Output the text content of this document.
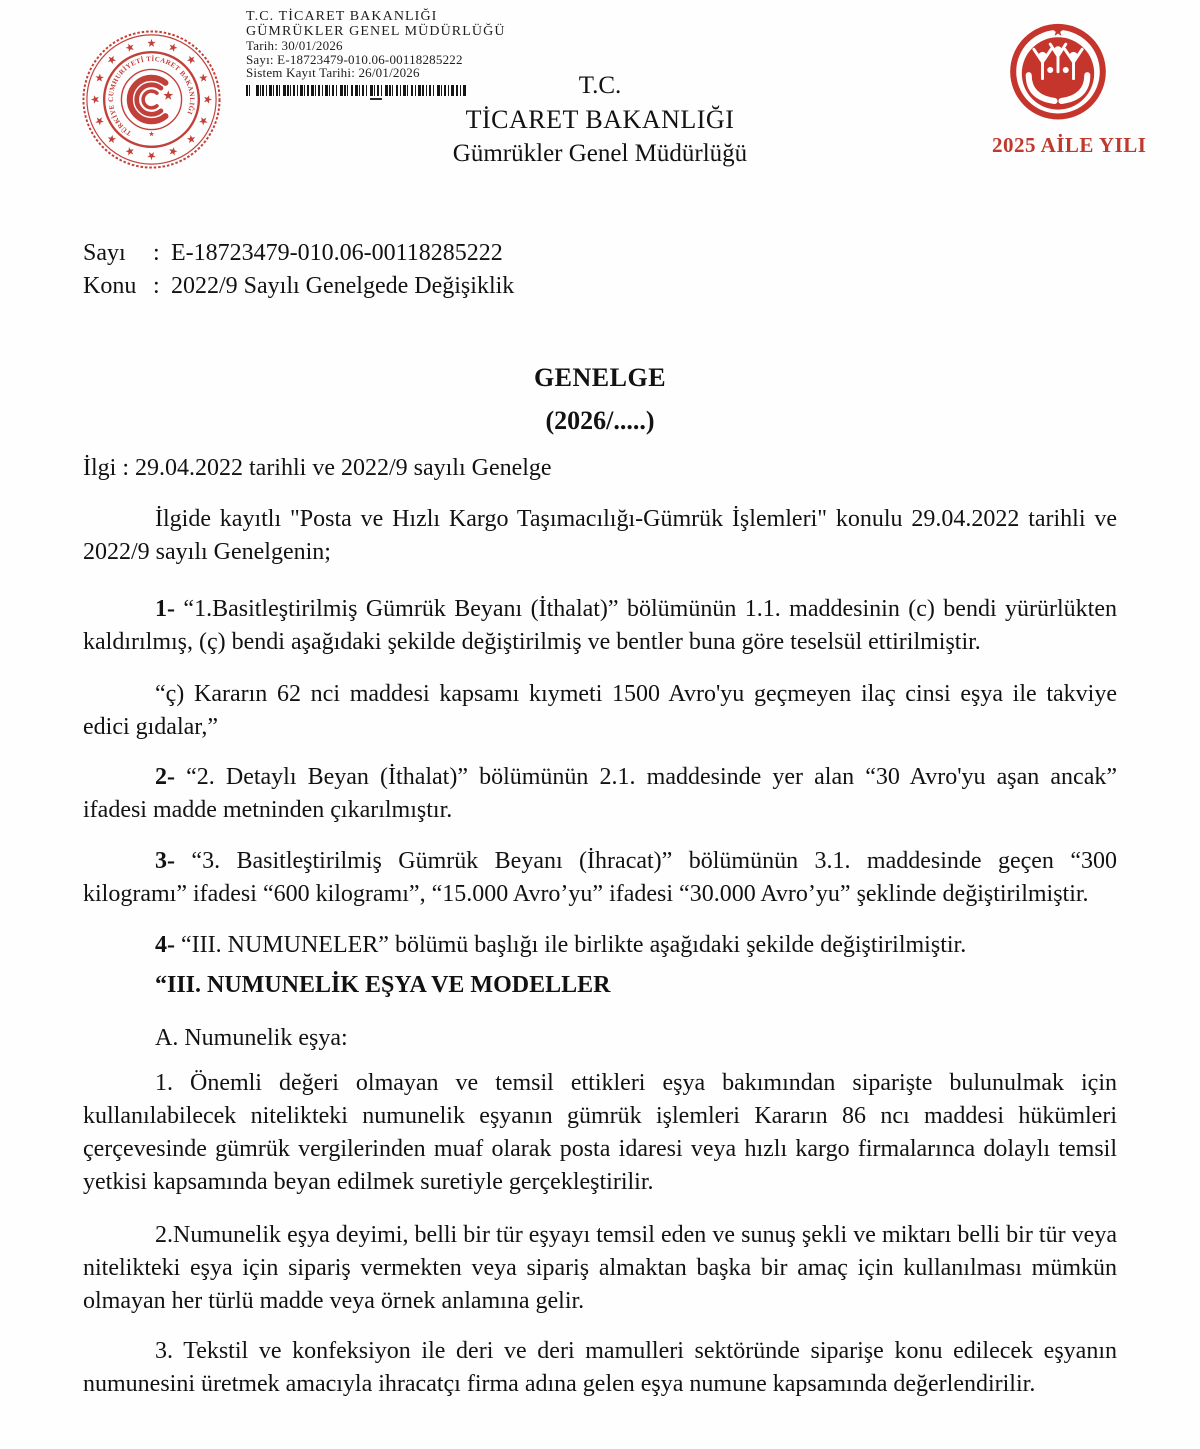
TÜRKİYE CUMHURİYETİ TİCARET BAKANLIĞI
T.C. TİCARET BAKANLIĞI
GÜMRÜKLER GENEL MÜDÜRLÜĞÜ
Tarih: 30/01/2026
Sayı: E-18723479-010.06-00118285222
Sistem Kayıt Tarihi: 26/01/2026	T.C.
TİCARET BAKANLIĞI
Gümrükler Genel Müdürlüğü	2025 AİLE YILI
Sayı	: E-18723479-010.06-00118285222
Konu : 2022/9 Sayılı Genelgede Değişiklik
GENELGE
(2026/.....)
İlgi : 29.04.2022 tarihli ve 2022/9 sayılı Genelge

İlgide kayıtlı "Posta ve Hızlı Kargo Taşımacılığı-Gümrük İşlemleri" konulu 29.04.2022 tarihli ve 2022/9 sayılı Genelgenin;

1- “1.Basitleştirilmiş Gümrük Beyanı (İthalat)” bölümünün 1.1. maddesinin (c) bendi yürürlükten kaldırılmış, (ç) bendi aşağıdaki şekilde değiştirilmiş ve bentler buna göre teselsül ettirilmiştir.

“ç) Kararın 62 nci maddesi kapsamı kıymeti 1500 Avro'yu geçmeyen ilaç cinsi eşya ile takviye edici gıdalar,”

2- “2. Detaylı Beyan (İthalat)” bölümünün 2.1. maddesinde yer alan “30 Avro'yu aşan ancak” ifadesi madde metninden çıkarılmıştır.

3- “3. Basitleştirilmiş Gümrük Beyanı (İhracat)” bölümünün 3.1. maddesinde geçen “300 kilogramı” ifadesi “600 kilogramı”, “15.000 Avro’yu” ifadesi “30.000 Avro’yu” şeklinde değiştirilmiştir.

4- “III. NUMUNELER” bölümü başlığı ile birlikte aşağıdaki şekilde değiştirilmiştir.

“III. NUMUNELİK EŞYA VE MODELLER

A. Numunelik eşya:

1. Önemli değeri olmayan ve temsil ettikleri eşya bakımından siparişte bulunulmak için kullanılabilecek nitelikteki numunelik eşyanın gümrük işlemleri Kararın 86 ncı maddesi hükümleri çerçevesinde gümrük vergilerinden muaf olarak posta idaresi veya hızlı kargo firmalarınca dolaylı temsil yetkisi kapsamında beyan edilmek suretiyle gerçekleştirilir.

2.Numunelik eşya deyimi, belli bir tür eşyayı temsil eden ve sunuş şekli ve miktarı belli bir tür veya nitelikteki eşya için sipariş vermekten veya sipariş almaktan başka bir amaç için kullanılması mümkün olmayan her türlü madde veya örnek anlamına gelir.

3. Tekstil ve konfeksiyon ile deri ve deri mamulleri sektöründe siparişe konu edilecek eşyanın numunesini üretmek amacıyla ihracatçı firma adına gelen eşya numune kapsamında değerlendirilir.
